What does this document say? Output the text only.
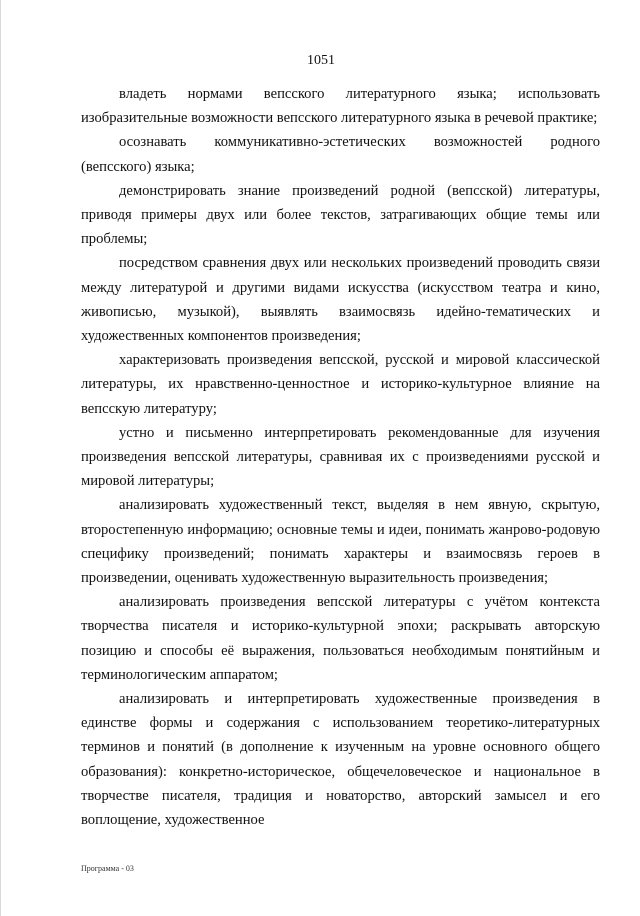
1051

владеть нормами вепсского литературного языка; использовать изобразительные возможности вепсского литературного языка в речевой практике;

осознавать коммуникативно-эстетических возможностей родного (вепсского) языка;

демонстрировать знание произведений родной (вепсской) литературы, приводя примеры двух или более текстов, затрагивающих общие темы или проблемы;

посредством сравнения двух или нескольких произведений проводить связи между литературой и другими видами искусства (искусством театра и кино, живописью, музыкой), выявлять взаимосвязь идейно-тематических и художественных компонентов произведения;

характеризовать произведения вепсской, русской и мировой классической литературы, их нравственно-ценностное и историко-культурное влияние на вепсскую литературу;

устно и письменно интерпретировать рекомендованные для изучения произведения вепсской литературы, сравнивая их с произведениями русской и мировой литературы;

анализировать художественный текст, выделяя в нем явную, скрытую, второстепенную информацию; основные темы и идеи, понимать жанрово-родовую специфику произведений; понимать характеры и взаимосвязь героев в произведении, оценивать художественную выразительность произведения;

анализировать произведения вепсской литературы с учётом контекста творчества писателя и историко-культурной эпохи; раскрывать авторскую позицию и способы её выражения, пользоваться необходимым понятийным и терминологическим аппаратом;

анализировать и интерпретировать художественные произведения в единстве формы и содержания с использованием теоретико-литературных терминов и понятий (в дополнение к изученным на уровне основного общего образования): конкретно-историческое, общечеловеческое и национальное в творчестве писателя, традиция и новаторство, авторский замысел и его воплощение, художественное

Программа - 03
